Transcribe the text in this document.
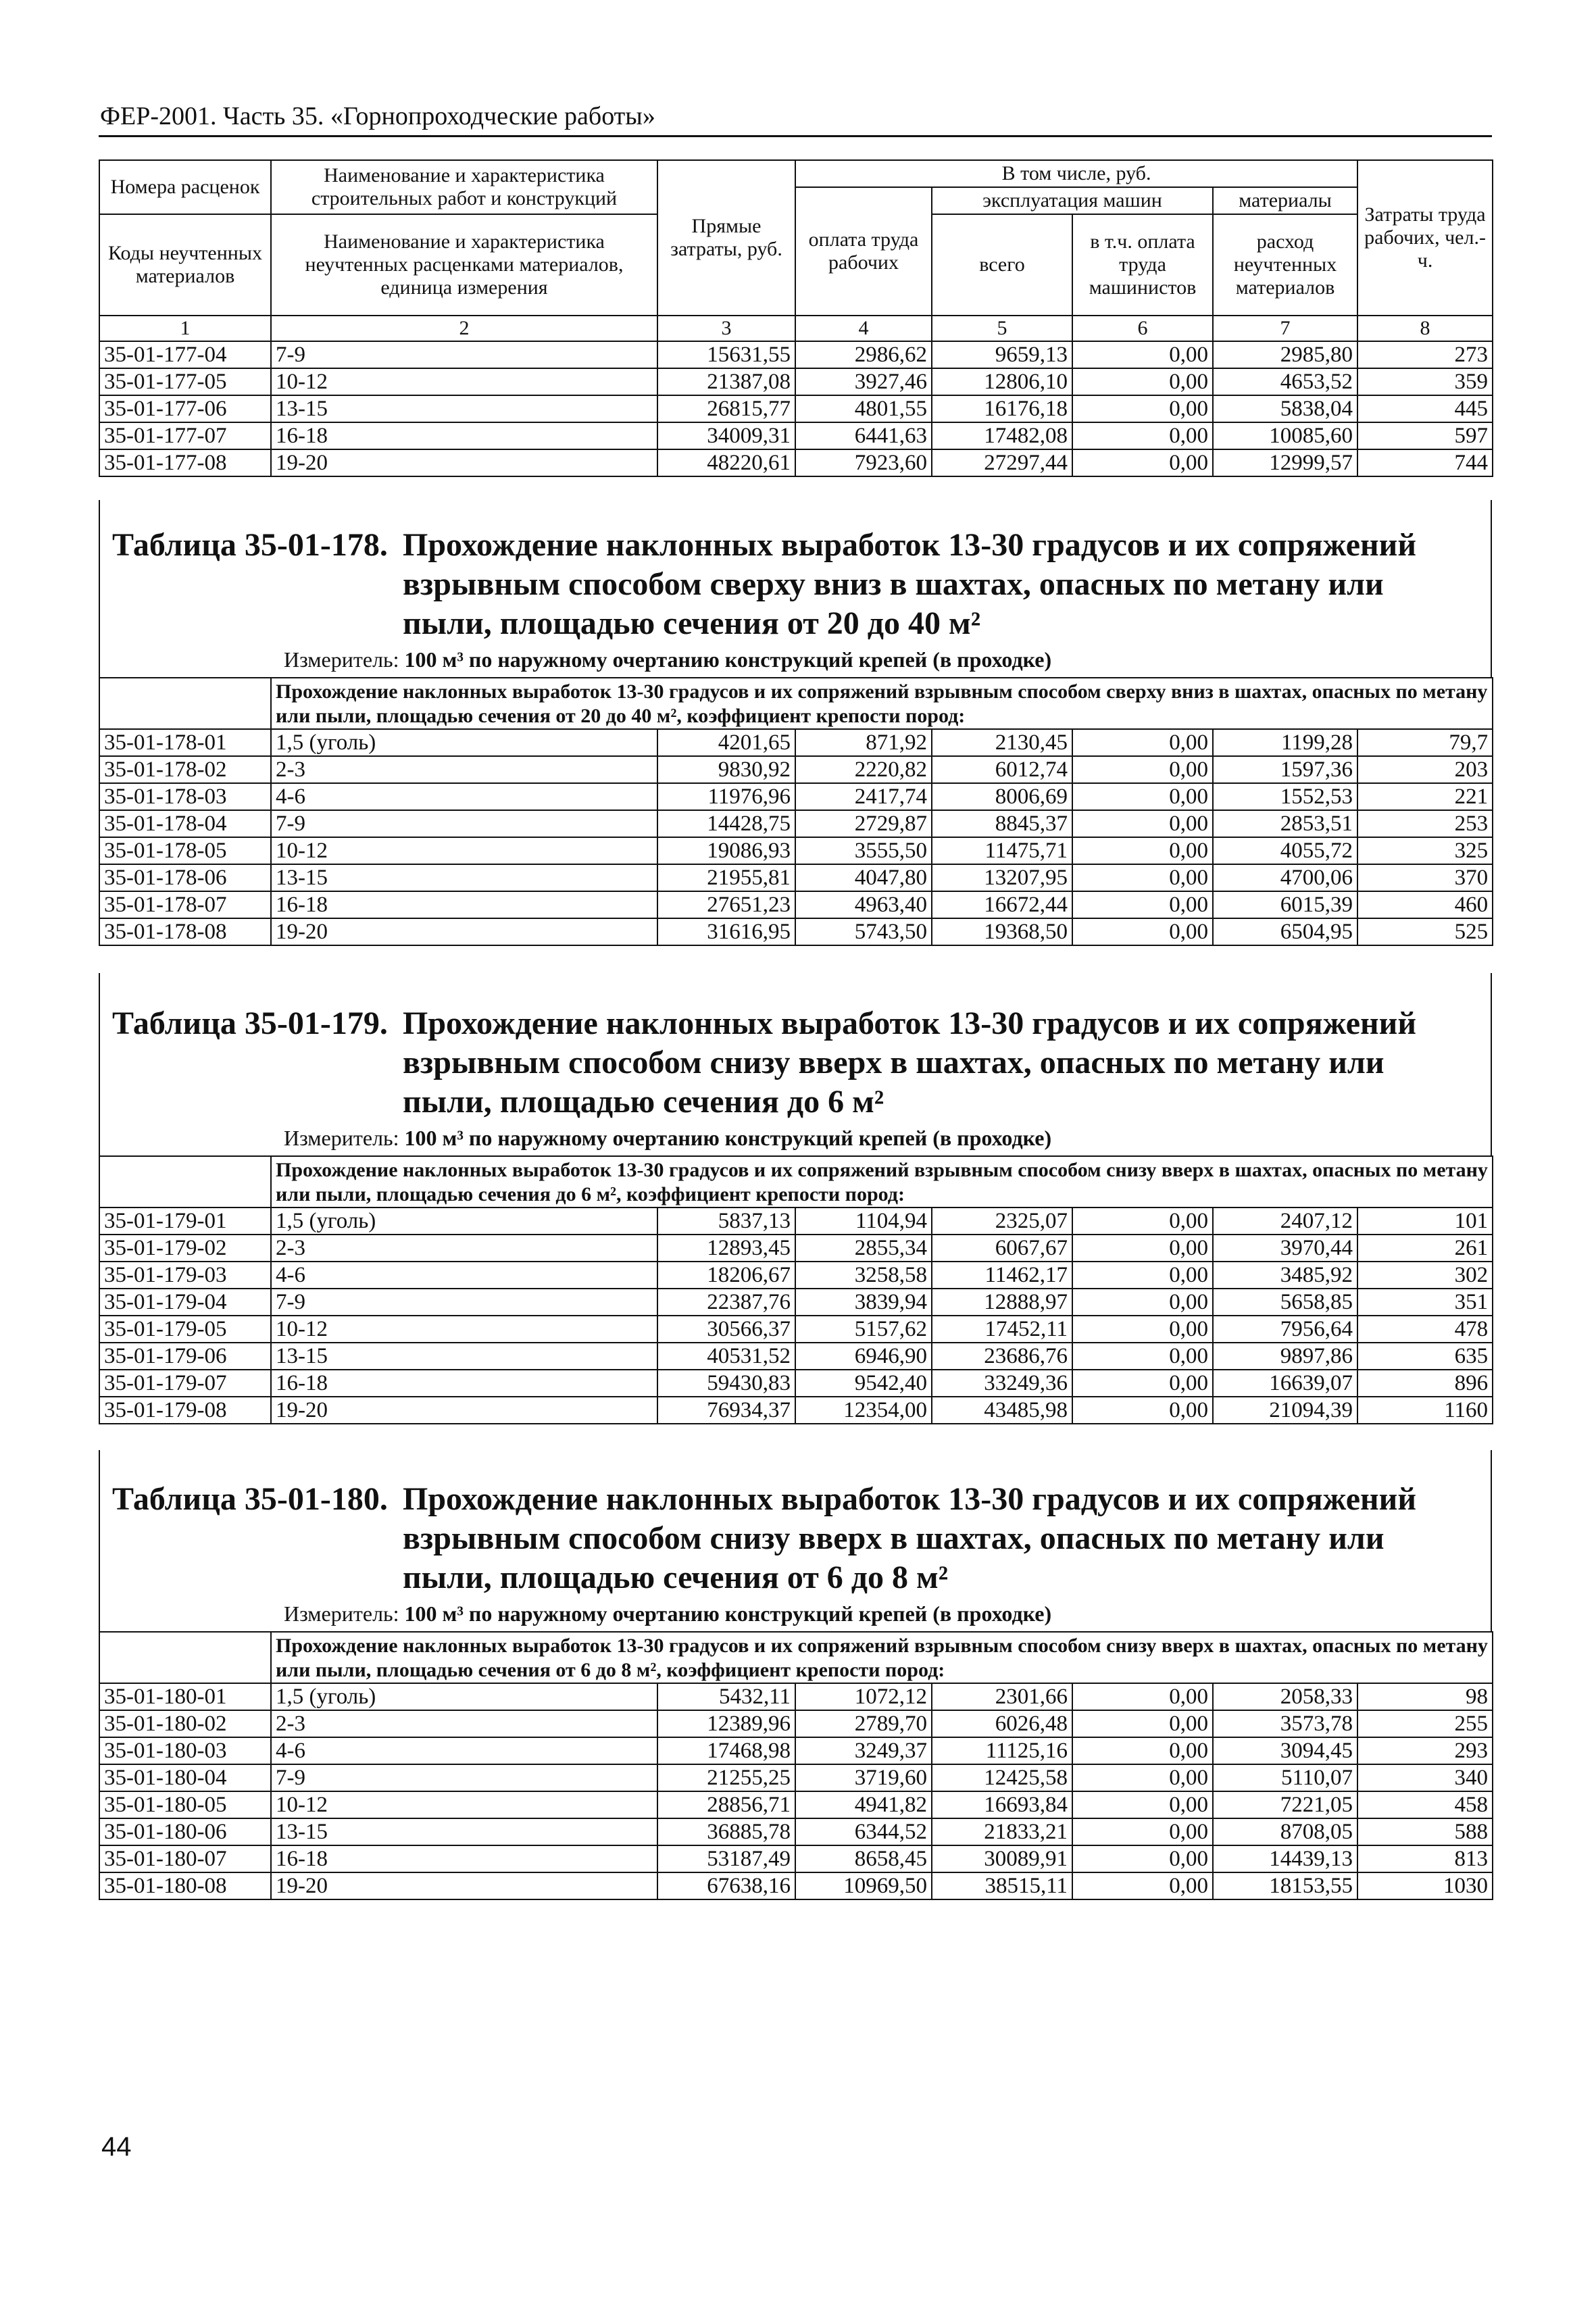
ФЕР-2001. Часть 35. «Горнопроходческие работы»
Номера расценок	Наименование и характеристика строительных работ и конструкций	Прямые затраты, руб.	В том числе, руб.				Затраты труда рабочих, чел.-ч.
			оплата труда рабочих	эксплуатация машин		материалы	
Коды неучтенных материалов	Наименование и характеристика неучтенных расценками материалов, единица измерения			всего	в т.ч. оплата труда машинистов	расход неучтенных материалов	

1	2	3	4	5	6	7	8
35-01-177-04	7-9	15631,55	2986,62	9659,13	0,00	2985,80	273
35-01-177-05	10-12	21387,08	3927,46	12806,10	0,00	4653,52	359
35-01-177-06	13-15	26815,77	4801,55	16176,18	0,00	5838,04	445
35-01-177-07	16-18	34009,31	6441,63	17482,08	0,00	10085,60	597
35-01-177-08	19-20	48220,61	7923,60	27297,44	0,00	12999,57	744
Таблица 35-01-178. Прохождение наклонных выработок 13-30 градусов и их сопряжений
взрывным способом сверху вниз в шахтах, опасных по метану или
пыли, площадью сечения от 20 до 40 м²
Измеритель: 100 м³ по наружному очертанию конструкций крепей (в проходке)
	Прохождение наклонных выработок 13-30 градусов и их сопряжений взрывным способом сверху вниз в шахтах, опасных по метану или пыли, площадью сечения от 20 до 40 м², коэффициент крепости пород:						
35-01-178-01	1,5 (уголь)	4201,65	871,92	2130,45	0,00	1199,28	79,7
35-01-178-02	2-3	9830,92	2220,82	6012,74	0,00	1597,36	203
35-01-178-03	4-6	11976,96	2417,74	8006,69	0,00	1552,53	221
35-01-178-04	7-9	14428,75	2729,87	8845,37	0,00	2853,51	253
35-01-178-05	10-12	19086,93	3555,50	11475,71	0,00	4055,72	325
35-01-178-06	13-15	21955,81	4047,80	13207,95	0,00	4700,06	370
35-01-178-07	16-18	27651,23	4963,40	16672,44	0,00	6015,39	460
35-01-178-08	19-20	31616,95	5743,50	19368,50	0,00	6504,95	525
Таблица 35-01-179. Прохождение наклонных выработок 13-30 градусов и их сопряжений
взрывным способом снизу вверх в шахтах, опасных по метану или
пыли, площадью сечения до 6 м²
Измеритель: 100 м³ по наружному очертанию конструкций крепей (в проходке)
	Прохождение наклонных выработок 13-30 градусов и их сопряжений взрывным способом снизу вверх в шахтах, опасных по метану или пыли, площадью сечения до 6 м², коэффициент крепости пород:						
35-01-179-01	1,5 (уголь)	5837,13	1104,94	2325,07	0,00	2407,12	101
35-01-179-02	2-3	12893,45	2855,34	6067,67	0,00	3970,44	261
35-01-179-03	4-6	18206,67	3258,58	11462,17	0,00	3485,92	302
35-01-179-04	7-9	22387,76	3839,94	12888,97	0,00	5658,85	351
35-01-179-05	10-12	30566,37	5157,62	17452,11	0,00	7956,64	478
35-01-179-06	13-15	40531,52	6946,90	23686,76	0,00	9897,86	635
35-01-179-07	16-18	59430,83	9542,40	33249,36	0,00	16639,07	896
35-01-179-08	19-20	76934,37	12354,00	43485,98	0,00	21094,39	1160
Таблица 35-01-180. Прохождение наклонных выработок 13-30 градусов и их сопряжений
взрывным способом снизу вверх в шахтах, опасных по метану или
пыли, площадью сечения от 6 до 8 м²
Измеритель: 100 м³ по наружному очертанию конструкций крепей (в проходке)
	Прохождение наклонных выработок 13-30 градусов и их сопряжений взрывным способом снизу вверх в шахтах, опасных по метану или пыли, площадью сечения от 6 до 8 м², коэффициент крепости пород:						
35-01-180-01	1,5 (уголь)	5432,11	1072,12	2301,66	0,00	2058,33	98
35-01-180-02	2-3	12389,96	2789,70	6026,48	0,00	3573,78	255
35-01-180-03	4-6	17468,98	3249,37	11125,16	0,00	3094,45	293
35-01-180-04	7-9	21255,25	3719,60	12425,58	0,00	5110,07	340
35-01-180-05	10-12	28856,71	4941,82	16693,84	0,00	7221,05	458
35-01-180-06	13-15	36885,78	6344,52	21833,21	0,00	8708,05	588
35-01-180-07	16-18	53187,49	8658,45	30089,91	0,00	14439,13	813
35-01-180-08	19-20	67638,16	10969,50	38515,11	0,00	18153,55	1030
44
